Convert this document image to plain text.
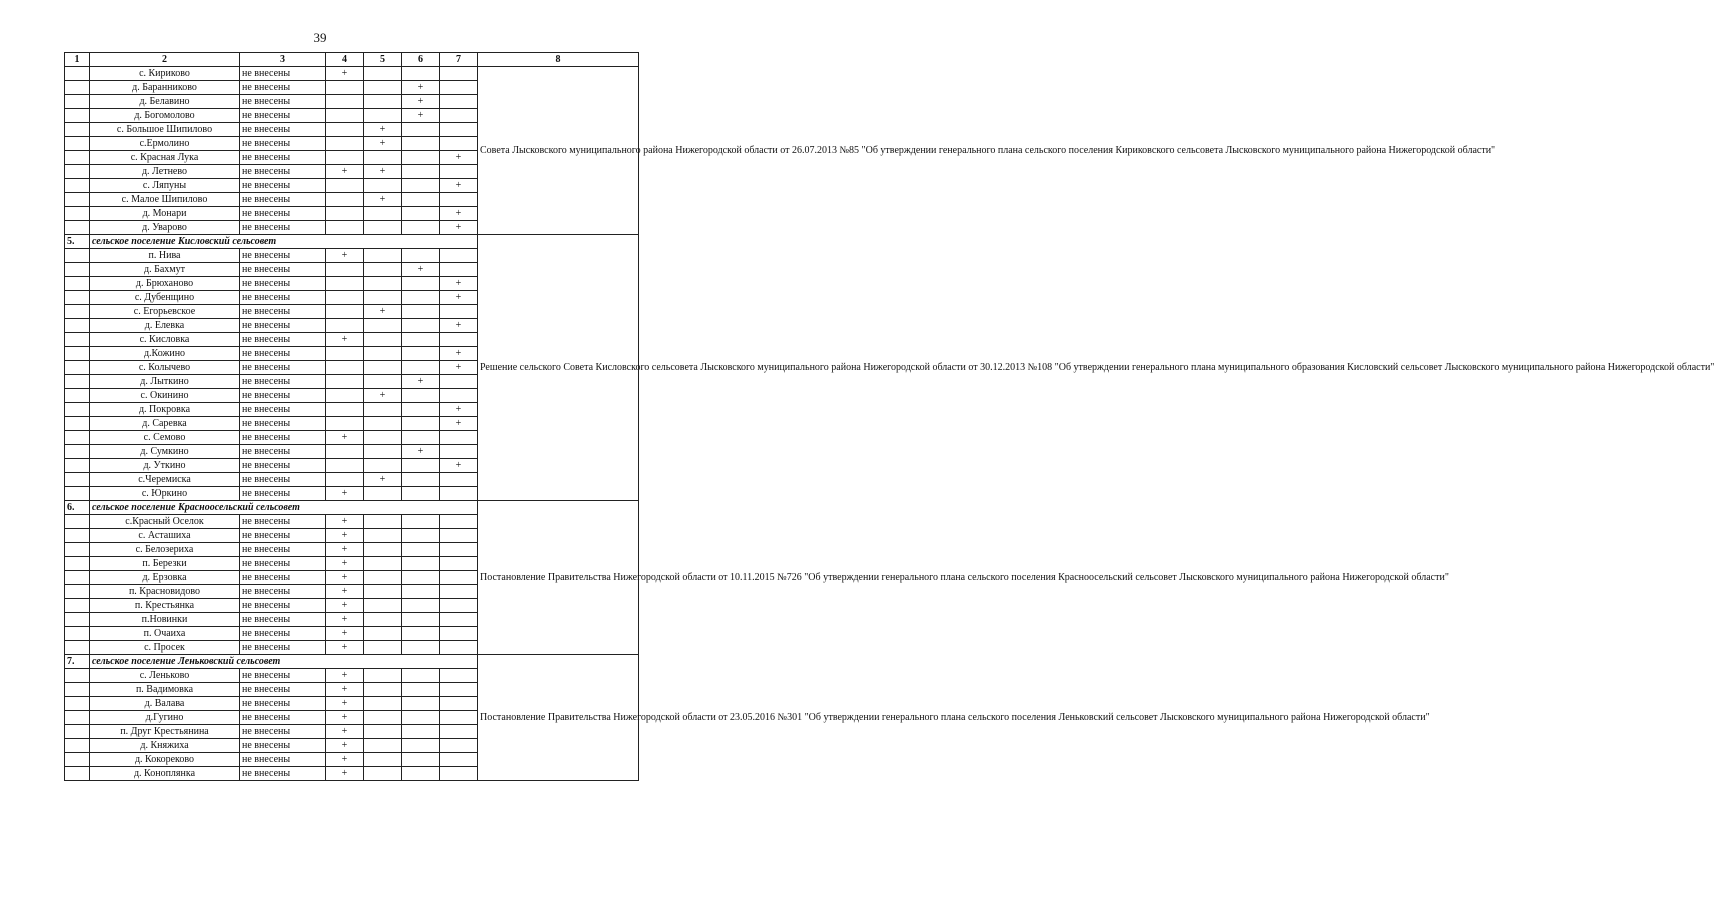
39
1	2	3	4	5	6	7	8
	с. Кириково	не внесены	+				Совета Лысковского муниципального района Нижегородской области от 26.07.2013 №85 "Об утверждении генерального плана сельского поселения Кириковского сельсовета Лысковского муниципального района Нижегородской области"
	д. Баранниково	не внесены			+		
	д. Белавино	не внесены			+		
	д. Богомолово	не внесены			+		
	с. Большое Шипилово	не внесены		+			
	с.Ермолино	не внесены		+			
	с. Красная Лука	не внесены				+	
	д. Летнево	не внесены	+	+			
	с. Ляпуны	не внесены				+	
	с. Малое Шипилово	не внесены		+			
	д. Монари	не внесены				+	
	д. Уварово	не внесены				+	
5.	сельское поселение Кисловский сельсовет						Решение сельского Совета Кисловского сельсовета Лысковского муниципального района Нижегородской области от 30.12.2013 №108 "Об утверждении генерального плана муниципального образования Кисловский сельсовет Лысковского муниципального района Нижегородской области"
	п. Нива	не внесены	+				
	д. Бахмут	не внесены			+		
	д. Брюханово	не внесены				+	
	с. Дубенщино	не внесены				+	
	с. Егорьевское	не внесены		+			
	д. Елевка	не внесены				+	
	с. Кисловка	не внесены	+				
	д.Кожино	не внесены				+	
	с. Колычево	не внесены				+	
	д. Лыткино	не внесены			+		
	с. Окинино	не внесены		+			
	д. Покровка	не внесены				+	
	д. Саревка	не внесены				+	
	с. Семово	не внесены	+				
	д. Сумкино	не внесены			+		
	д. Уткино	не внесены				+	
	с.Черемиска	не внесены		+			
	с. Юркино	не внесены	+				
6.	сельское поселение Красноосельский сельсовет						Постановление Правительства Нижегородской области от 10.11.2015 №726 "Об утверждении генерального плана сельского поселения Красноосельский сельсовет Лысковского муниципального района Нижегородской области"
	с.Красный Оселок	не внесены	+				
	с. Асташиха	не внесены	+				
	с. Белозериха	не внесены	+				
	п. Березки	не внесены	+				
	д. Ерзовка	не внесены	+				
	п. Красновидово	не внесены	+				
	п. Крестьянка	не внесены	+				
	п.Новинки	не внесены	+				
	п. Очаиха	не внесены	+				
	с. Просек	не внесены	+				
7.	сельское поселение Леньковский сельсовет						Постановление Правительства Нижегородской области от 23.05.2016 №301 "Об утверждении генерального плана сельского поселения Леньковский сельсовет Лысковского муниципального района Нижегородской области"
	с. Леньково	не внесены	+				
	п. Вадимовка	не внесены	+				
	д. Валава	не внесены	+				
	д.Гугино	не внесены	+				
	п. Друг Крестьянина	не внесены	+				
	д. Княжиха	не внесены	+				
	д. Кокореково	не внесены	+				
	д. Коноплянка	не внесены	+				
